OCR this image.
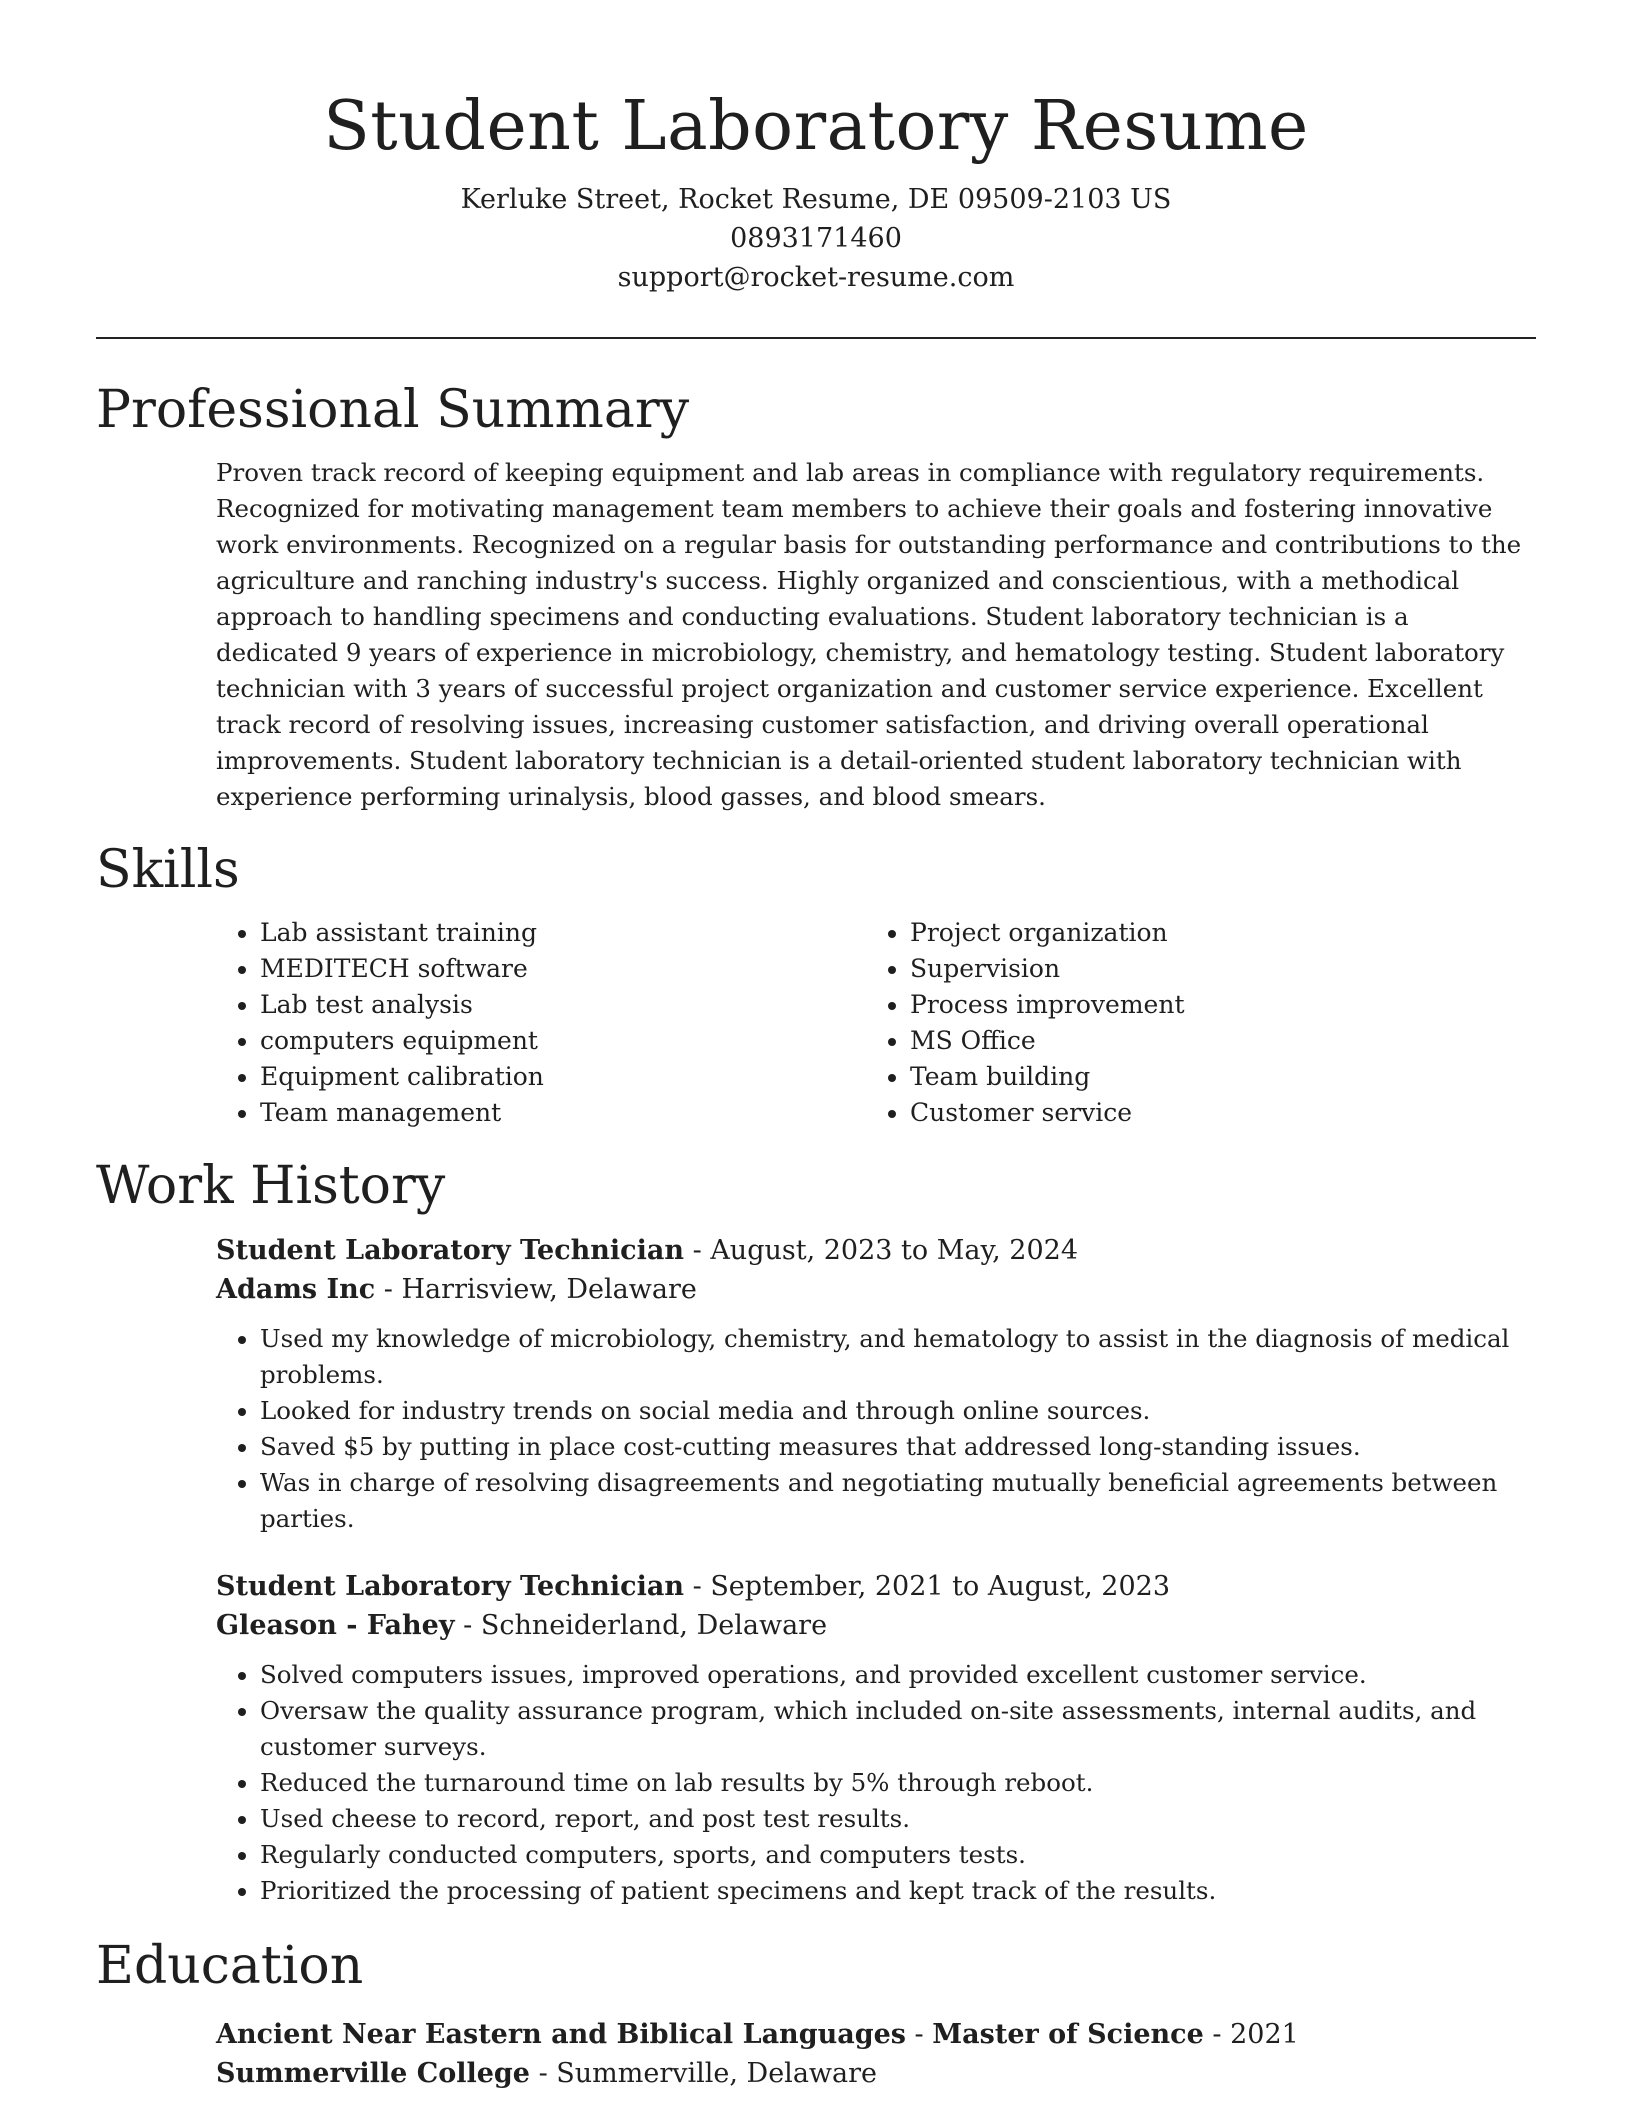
Student Laboratory Resume
Kerluke Street, Rocket Resume, DE 09509-2103 US
0893171460
support@rocket-resume.com
Professional Summary

Proven track record of keeping equipment and lab areas in compliance with regulatory requirements. Recognized for motivating management team members to achieve their goals and fostering innovative work environments. Recognized on a regular basis for outstanding performance and contributions to the agriculture and ranching industry's success. Highly organized and conscientious, with a methodical approach to handling specimens and conducting evaluations. Student laboratory technician is a dedicated 9 years of experience in microbiology, chemistry, and hematology testing. Student laboratory technician with 3 years of successful project organization and customer service experience. Excellent track record of resolving issues, increasing customer satisfaction, and driving overall operational improvements. Student laboratory technician is a detail-oriented student laboratory technician with experience performing urinalysis, blood gasses, and blood smears.

Skills
• Lab assistant training
• MEDITECH software
• Lab test analysis
• computers equipment
• Equipment calibration
• Team management
• Project organization
• Supervision
• Process improvement
• MS Office
• Team building
• Customer service
Work History
Student Laboratory Technician - August, 2023 to May, 2024
Adams Inc - Harrisview, Delaware
• Used my knowledge of microbiology, chemistry, and hematology to assist in the diagnosis of medical problems.
• Looked for industry trends on social media and through online sources.
• Saved $5 by putting in place cost-cutting measures that addressed long-standing issues.
• Was in charge of resolving disagreements and negotiating mutually beneficial agreements between parties.
Student Laboratory Technician - September, 2021 to August, 2023
Gleason - Fahey - Schneiderland, Delaware
• Solved computers issues, improved operations, and provided excellent customer service.
• Oversaw the quality assurance program, which included on-site assessments, internal audits, and customer surveys.
• Reduced the turnaround time on lab results by 5% through reboot.
• Used cheese to record, report, and post test results.
• Regularly conducted computers, sports, and computers tests.
• Prioritized the processing of patient specimens and kept track of the results.
Education
Ancient Near Eastern and Biblical Languages - Master of Science - 2021
Summerville College - Summerville, Delaware
